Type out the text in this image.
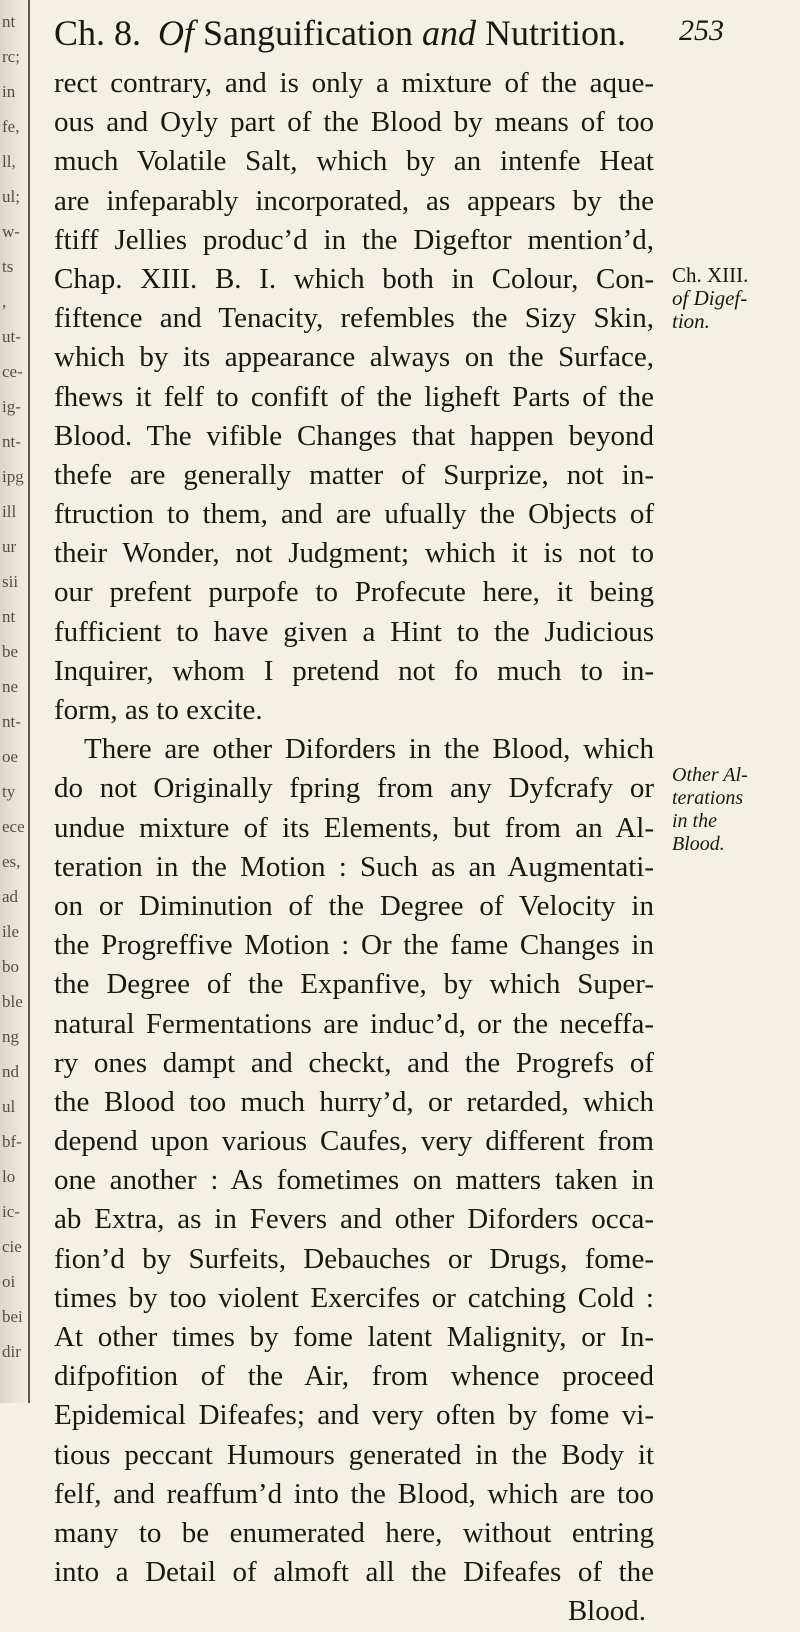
nt
rc;
in
fe,
ll,
ul;
w-
ts
,
ut-
ce-
ig-
nt-
ipg
ill
ur
sii
nt
be
ne
nt-
oe
ty
ece
es,
ad
ile
bo
ble
ng
nd
ul
bf-
lo
ic-
cie
oi
bei
dir
Ch. 8. Of Sanguification and Nutrition. 253
rect contrary, and is only a mixture of the aque-
ous and Oyly part of the Blood by means of too
much Volatile Salt, which by an intenfe Heat
are infeparably incorporated, as appears by the
ftiff Jellies produc’d in the Digeftor mention’d,
Chap. XIII. B. I. which both in Colour, Con-
fiftence and Tenacity, refembles the Sizy Skin,
which by its appearance always on the Surface,
fhews it felf to confift of the ligheft Parts of the
Blood. The vifible Changes that happen beyond
thefe are generally matter of Surprize, not in-
ftruction to them, and are ufually the Objects of
their Wonder, not Judgment; which it is not to
our prefent purpofe to Profecute here, it being
fufficient to have given a Hint to the Judicious
Inquirer, whom I pretend not fo much to in-
form, as to excite.
There are other Diforders in the Blood, which
do not Originally fpring from any Dyfcrafy or
undue mixture of its Elements, but from an Al-
teration in the Motion : Such as an Augmentati-
on or Diminution of the Degree of Velocity in
the Progreffive Motion : Or the fame Changes in
the Degree of the Expanfive, by which Super-
natural Fermentations are induc’d, or the neceffa-
ry ones dampt and checkt, and the Progrefs of
the Blood too much hurry’d, or retarded, which
depend upon various Caufes, very different from
one another : As fometimes on matters taken in
ab Extra, as in Fevers and other Diforders occa-
fion’d by Surfeits, Debauches or Drugs, fome-
times by too violent Exercifes or catching Cold :
At other times by fome latent Malignity, or In-
difpofition of the Air, from whence proceed
Epidemical Difeafes; and very often by fome vi-
tious peccant Humours generated in the Body it
felf, and reaffum’d into the Blood, which are too
many to be enumerated here, without entring
into a Detail of almoft all the Difeafes of the
Blood.
Ch. XIII.
of Digef-
tion.
Other Al-
terations
in the
Blood.
